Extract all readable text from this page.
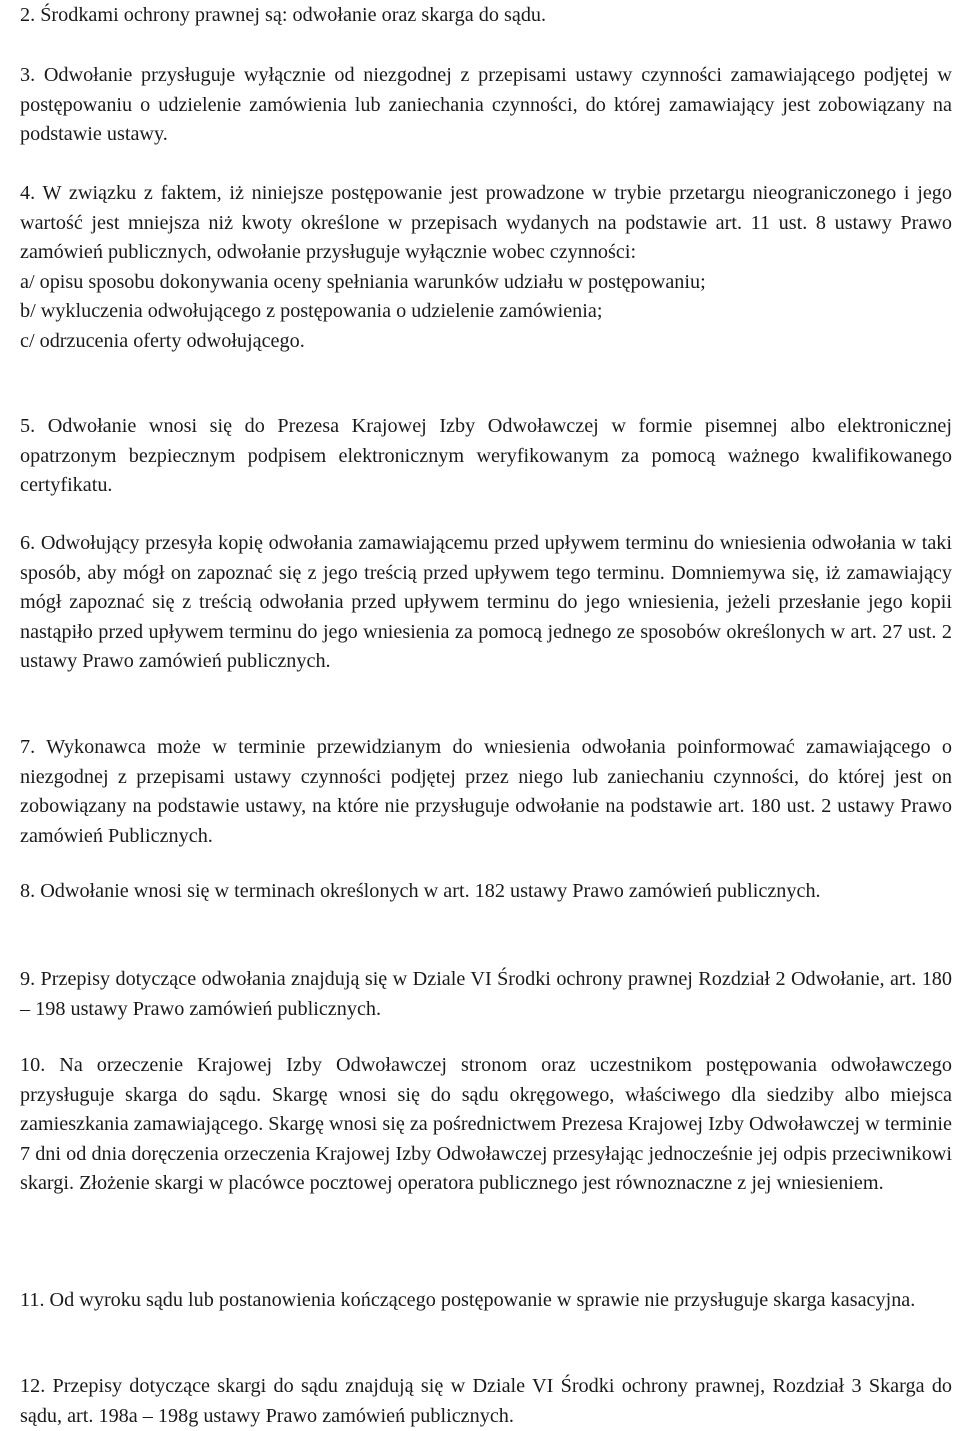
2. Środkami ochrony prawnej są: odwołanie oraz skarga do sądu.

3. Odwołanie przysługuje wyłącznie od niezgodnej z przepisami ustawy czynności zamawiającego podjętej w postępowaniu o udzielenie zamówienia lub zaniechania czynności, do której zamawiający jest zobowiązany na podstawie ustawy.

4. W związku z faktem, iż niniejsze postępowanie jest prowadzone w trybie przetargu nieograniczonego i jego wartość jest mniejsza niż kwoty określone w przepisach wydanych na podstawie art. 11 ust. 8 ustawy Prawo zamówień publicznych, odwołanie przysługuje wyłącznie wobec czynności:
a/ opisu sposobu dokonywania oceny spełniania warunków udziału w postępowaniu;
b/ wykluczenia odwołującego z postępowania o udzielenie zamówienia;
c/ odrzucenia oferty odwołującego.

5. Odwołanie wnosi się do Prezesa Krajowej Izby Odwoławczej w formie pisemnej albo elektronicznej opatrzonym bezpiecznym podpisem elektronicznym weryfikowanym za pomocą ważnego kwalifikowanego certyfikatu.

6. Odwołujący przesyła kopię odwołania zamawiającemu przed upływem terminu do wniesienia odwołania w taki sposób, aby mógł on zapoznać się z jego treścią przed upływem tego terminu. Domniemywa się, iż zamawiający mógł zapoznać się z treścią odwołania przed upływem terminu do jego wniesienia, jeżeli przesłanie jego kopii nastąpiło przed upływem terminu do jego wniesienia za pomocą jednego ze sposobów określonych w art. 27 ust. 2 ustawy Prawo zamówień publicznych.

7. Wykonawca może w terminie przewidzianym do wniesienia odwołania poinformować zamawiającego o niezgodnej z przepisami ustawy czynności podjętej przez niego lub zaniechaniu czynności, do której jest on zobowiązany na podstawie ustawy, na które nie przysługuje odwołanie na podstawie art. 180 ust. 2 ustawy Prawo zamówień Publicznych.

8. Odwołanie wnosi się w terminach określonych w art. 182 ustawy Prawo zamówień publicznych.

9. Przepisy dotyczące odwołania znajdują się w Dziale VI Środki ochrony prawnej Rozdział 2 Odwołanie, art. 180 – 198 ustawy Prawo zamówień publicznych.

10. Na orzeczenie Krajowej Izby Odwoławczej stronom oraz uczestnikom postępowania odwoławczego przysługuje skarga do sądu. Skargę wnosi się do sądu okręgowego, właściwego dla siedziby albo miejsca zamieszkania zamawiającego. Skargę wnosi się za pośrednictwem Prezesa Krajowej Izby Odwoławczej w terminie 7 dni od dnia doręczenia orzeczenia Krajowej Izby Odwoławczej przesyłając jednocześnie jej odpis przeciwnikowi skargi. Złożenie skargi w placówce pocztowej operatora publicznego jest równoznaczne z jej wniesieniem.

11. Od wyroku sądu lub postanowienia kończącego postępowanie w sprawie nie przysługuje skarga kasacyjna.

12. Przepisy dotyczące skargi do sądu znajdują się w Dziale VI Środki ochrony prawnej, Rozdział 3 Skarga do sądu, art. 198a – 198g ustawy Prawo zamówień publicznych.
